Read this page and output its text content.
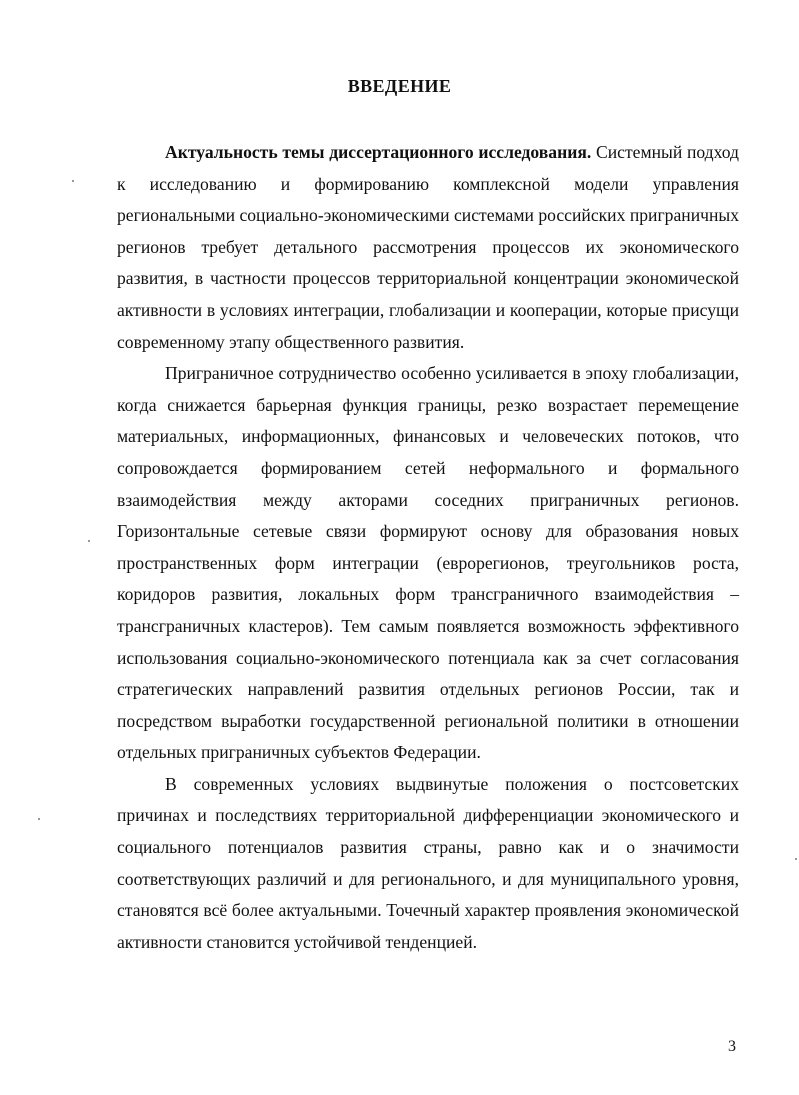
ВВЕДЕНИЕ

Актуальность темы диссертационного исследования. Системный подход к исследованию и формированию комплексной модели управления региональными социально-экономическими системами российских приграничных регионов требует детального рассмотрения процессов их экономического развития, в частности процессов территориальной концентрации экономической активности в условиях интеграции, глобализации и кооперации, которые присущи современному этапу общественного развития.

Приграничное сотрудничество особенно усиливается в эпоху глобализации, когда снижается барьерная функция границы, резко возрастает перемещение материальных, информационных, финансовых и человеческих потоков, что сопровождается формированием сетей неформального и формального взаимодействия между акторами соседних приграничных регионов. Горизонтальные сетевые связи формируют основу для образования новых пространственных форм интеграции (еврорегионов, треугольников роста, коридоров развития, локальных форм трансграничного взаимодействия – трансграничных кластеров). Тем самым появляется возможность эффективного использования социально-экономического потенциала как за счет согласования стратегических направлений развития отдельных регионов России, так и посредством выработки государственной региональной политики в отношении отдельных приграничных субъектов Федерации.

В современных условиях выдвинутые положения о постсоветских причинах и последствиях территориальной дифференциации экономического и социального потенциалов развития страны, равно как и о значимости соответствующих различий и для регионального, и для муниципального уровня, становятся всё более актуальными. Точечный характер проявления экономической активности становится устойчивой тенденцией.

3
